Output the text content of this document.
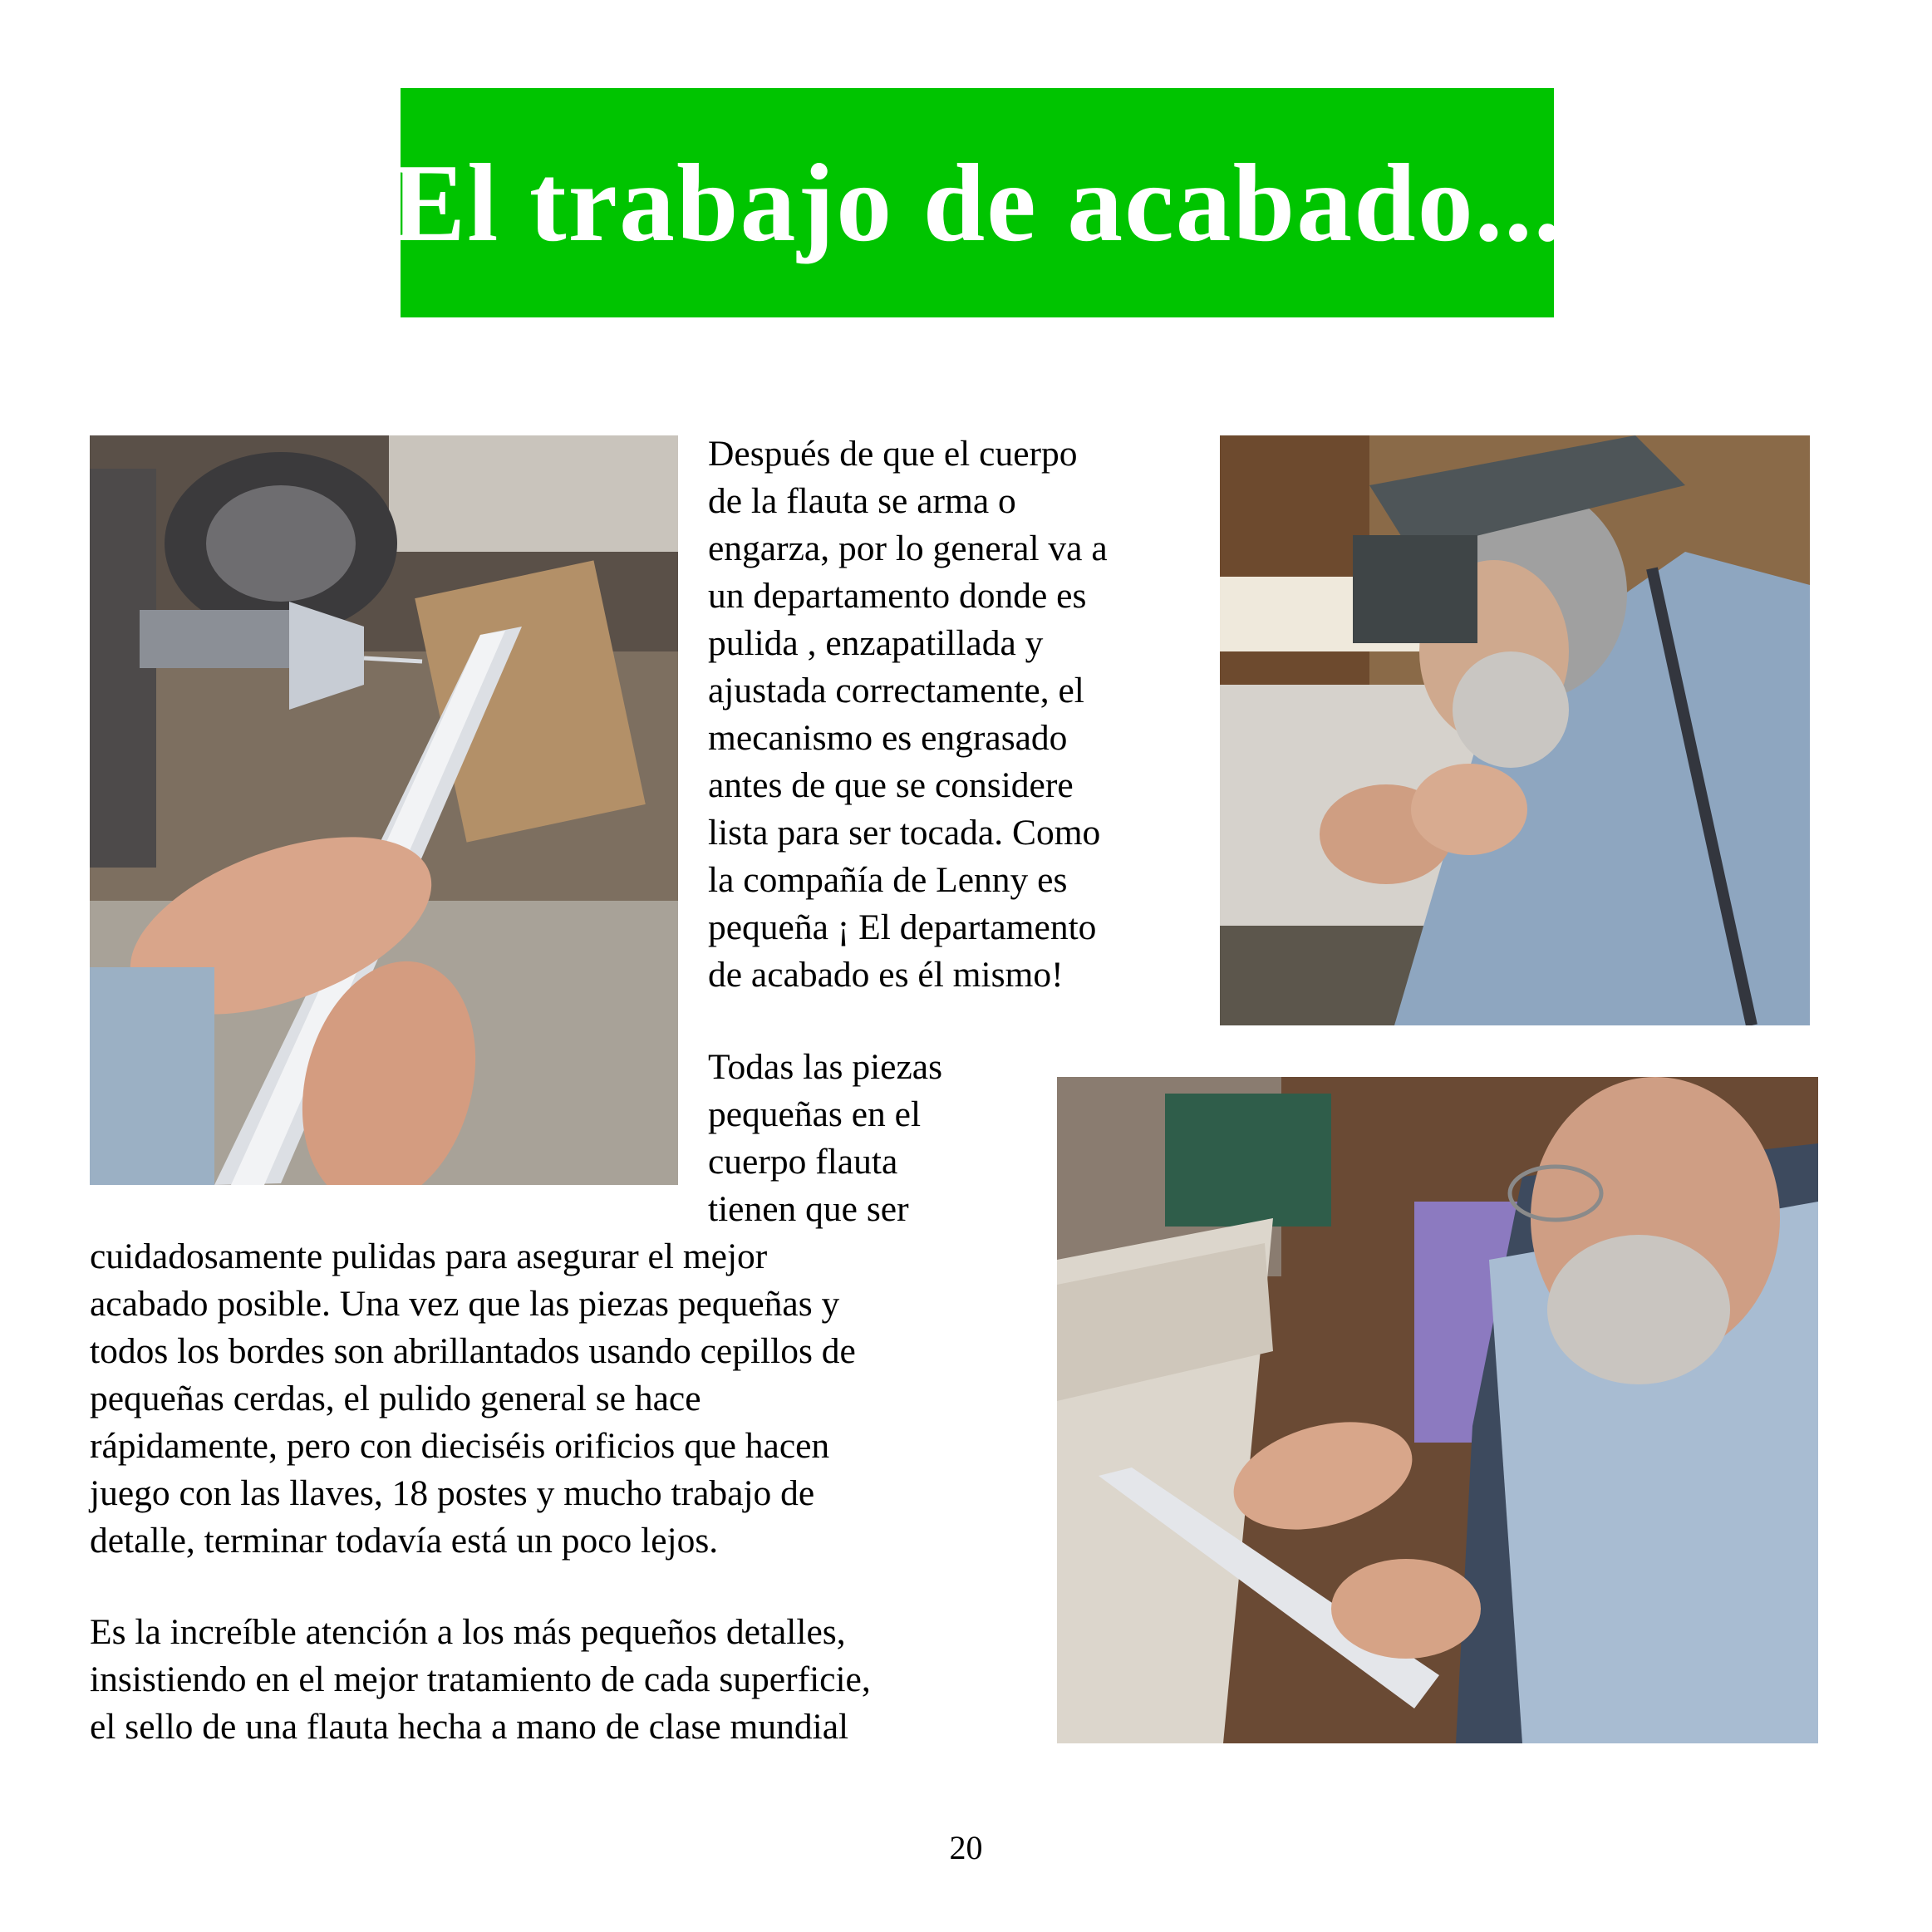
El trabajo de acabado...
Después de que el cuerpo
de la flauta se arma o
engarza, por lo general va a
un departamento donde es
pulida , enzapatillada y
ajustada correctamente, el
mecanismo es engrasado
antes de que se considere
lista para ser tocada. Como
la compañía de Lenny es
pequeña ¡ El departamento
de acabado es él mismo!
Todas las piezas
pequeñas en el
cuerpo flauta
tienen que ser
cuidadosamente pulidas para asegurar el mejor
acabado posible. Una vez que las piezas pequeñas y
todos los bordes son abrillantados usando cepillos de
pequeñas cerdas, el pulido general se hace
rápidamente, pero con dieciséis orificios que hacen
juego con las llaves, 18 postes y mucho trabajo de
detalle, terminar todavía está un poco lejos.
Es la increíble atención a los más pequeños detalles,
insistiendo en el mejor tratamiento de cada superficie,
el sello de una flauta hecha a mano de clase mundial
20
